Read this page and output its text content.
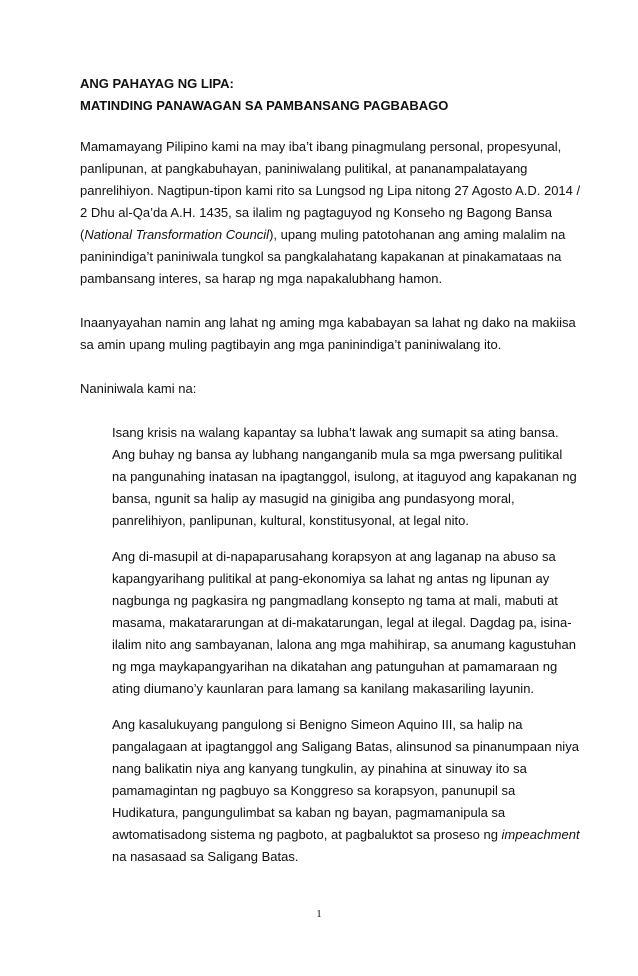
ANG PAHAYAG NG LIPA:
MATINDING PANAWAGAN SA PAMBANSANG PAGBABAGO

Mamamayang Pilipino kami na may iba’t ibang pinagmulang personal, propesyunal,
panlipunan, at pangkabuhayan, paniniwalang pulitikal, at pananampalatayang
panrelihiyon. Nagtipun-tipon kami rito sa Lungsod ng Lipa nitong 27 Agosto A.D. 2014 /
2 Dhu al-Qa’da A.H. 1435, sa ilalim ng pagtaguyod ng Konseho ng Bagong Bansa
(National Transformation Council), upang muling patotohanan ang aming malalim na
paninindiga’t paniniwala tungkol sa pangkalahatang kapakanan at pinakamataas na
pambansang interes, sa harap ng mga napakalubhang hamon.

Inaanyayahan namin ang lahat ng aming mga kababayan sa lahat ng dako na makiisa
sa amin upang muling pagtibayin ang mga paninindiga’t paniniwalang ito.

Naniniwala kami na:

Isang krisis na walang kapantay sa lubha’t lawak ang sumapit sa ating bansa.
Ang buhay ng bansa ay lubhang nanganganib mula sa mga pwersang pulitikal
na pangunahing inatasan na ipagtanggol, isulong, at itaguyod ang kapakanan ng
bansa, ngunit sa halip ay masugid na ginigiba ang pundasyong moral,
panrelihiyon, panlipunan, kultural, konstitusyonal, at legal nito.

Ang di-masupil at di-napaparusahang korapsyon at ang laganap na abuso sa
kapangyarihang pulitikal at pang-ekonomiya sa lahat ng antas ng lipunan ay
nagbunga ng pagkasira ng pangmadlang konsepto ng tama at mali, mabuti at
masama, makatararungan at di-makatarungan, legal at ilegal. Dagdag pa, isina-
ilalim nito ang sambayanan, lalona ang mga mahihirap, sa anumang kagustuhan
ng mga maykapangyarihan na dikatahan ang patunguhan at pamamaraan ng
ating diumano’y kaunlaran para lamang sa kanilang makasariling layunin.

Ang kasalukuyang pangulong si Benigno Simeon Aquino III, sa halip na
pangalagaan at ipagtanggol ang Saligang Batas, alinsunod sa pinanumpaan niya
nang balikatin niya ang kanyang tungkulin, ay pinahina at sinuway ito sa
pamamagintan ng pagbuyo sa Konggreso sa korapsyon, panunupil sa
Hudikatura, pangungulimbat sa kaban ng bayan, pagmamanipula sa
awtomatisadong sistema ng pagboto, at pagbaluktot sa proseso ng impeachment
na nasasaad sa Saligang Batas.

1
